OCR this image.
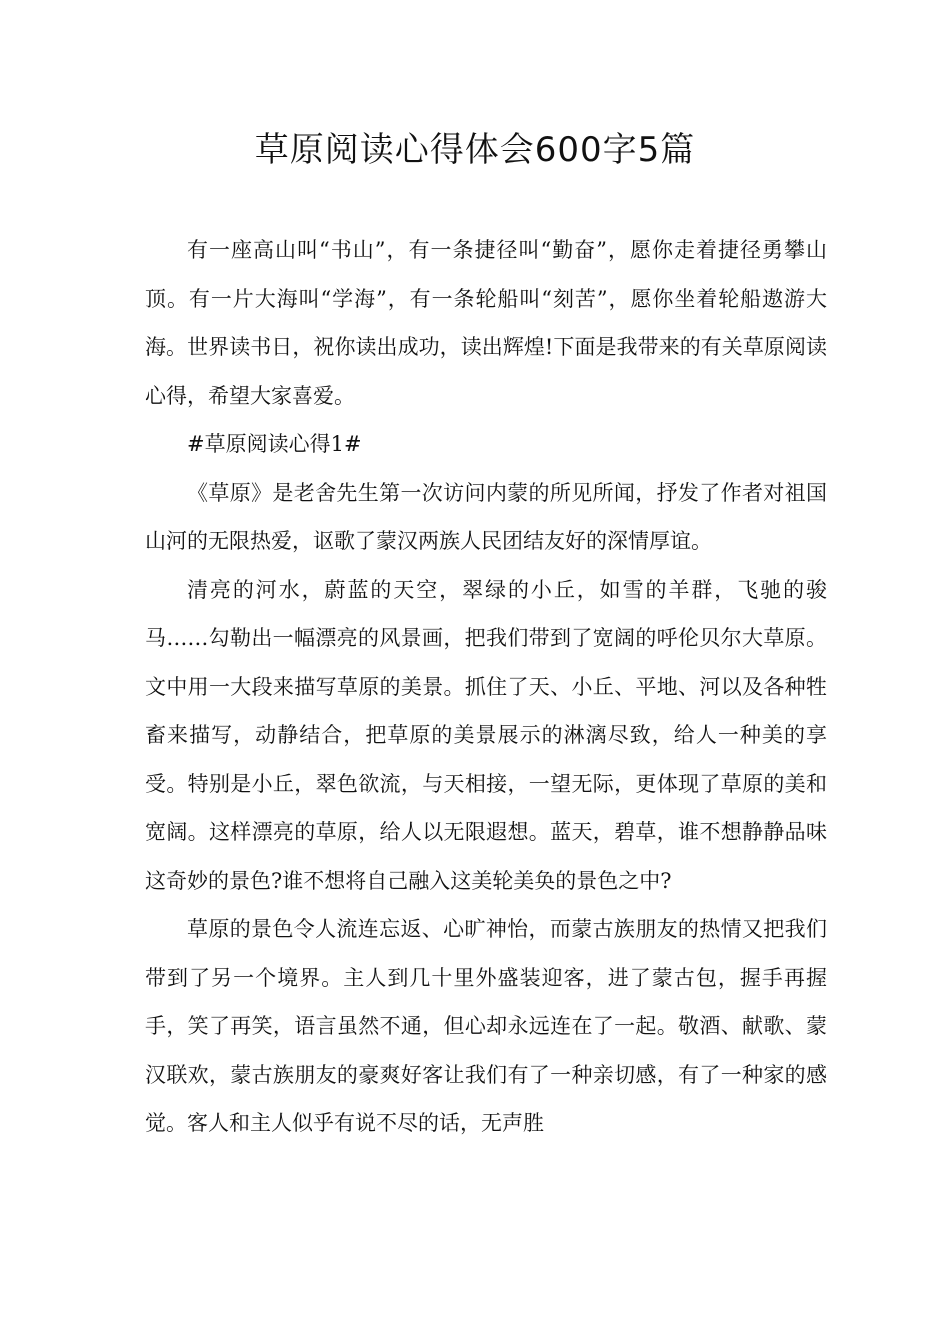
草原阅读心得体会600字5篇

有一座高山叫“书山”，有一条捷径叫“勤奋”，愿你走着捷径勇攀山顶。有一片大海叫“学海”，有一条轮船叫“刻苦”，愿你坐着轮船遨游大海。世界读书日，祝你读出成功，读出辉煌!下面是我带来的有关草原阅读心得，希望大家喜爱。

#草原阅读心得1#

《草原》是老舍先生第一次访问内蒙的所见所闻，抒发了作者对祖国山河的无限热爱，讴歌了蒙汉两族人民团结友好的深情厚谊。

清亮的河水，蔚蓝的天空，翠绿的小丘，如雪的羊群，飞驰的骏马……勾勒出一幅漂亮的风景画，把我们带到了宽阔的呼伦贝尔大草原。文中用一大段来描写草原的美景。抓住了天、小丘、平地、河以及各种牲畜来描写，动静结合，把草原的美景展示的淋漓尽致，给人一种美的享受。特别是小丘，翠色欲流，与天相接，一望无际，更体现了草原的美和宽阔。这样漂亮的草原，给人以无限遐想。蓝天，碧草，谁不想静静品味这奇妙的景色?谁不想将自己融入这美轮美奂的景色之中?

草原的景色令人流连忘返、心旷神怡，而蒙古族朋友的热情又把我们带到了另一个境界。主人到几十里外盛装迎客，进了蒙古包，握手再握手，笑了再笑，语言虽然不通，但心却永远连在了一起。敬酒、献歌、蒙汉联欢，蒙古族朋友的豪爽好客让我们有了一种亲切感，有了一种家的感觉。客人和主人似乎有说不尽的话，无声胜
